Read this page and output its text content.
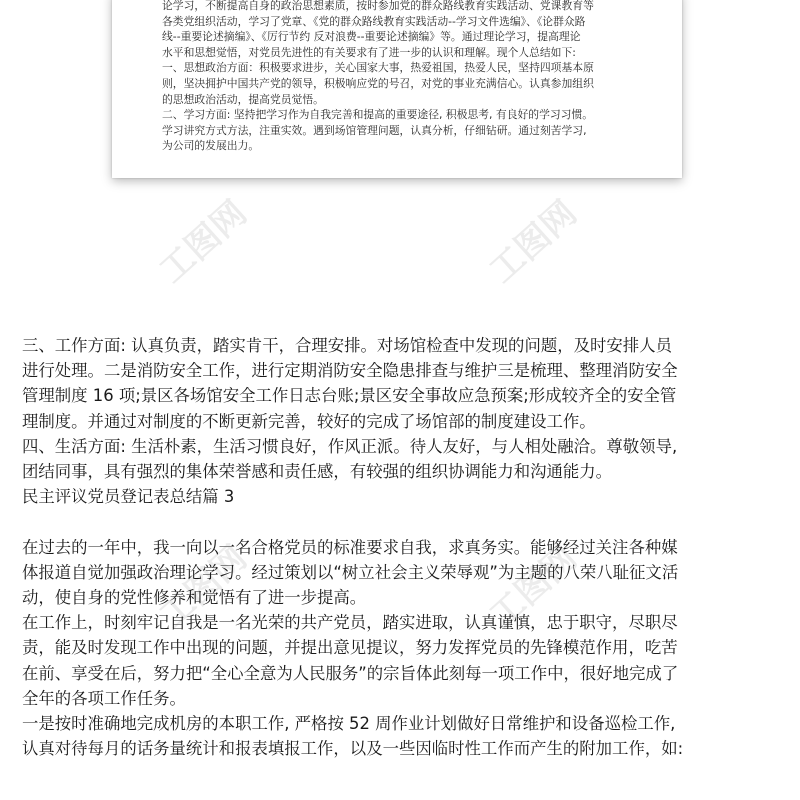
论学习，不断提高自身的政治思想素质，按时参加党的群众路线教育实践活动、党课教育等
各类党组织活动，学习了党章、《党的群众路线教育实践活动--学习文件选编》、《论群众路
线--重要论述摘编》、《厉行节约 反对浪费--重要论述摘编》等。通过理论学习，提高理论
水平和思想觉悟，对党员先进性的有关要求有了进一步的认识和理解。现个人总结如下:
一、思想政治方面：积极要求进步，关心国家大事，热爱祖国，热爱人民，坚持四项基本原
则，坚决拥护中国共产党的领导，积极响应党的号召，对党的事业充满信心。认真参加组织
的思想政治活动，提高党员觉悟。
二、学习方面: 坚持把学习作为自我完善和提高的重要途径, 积极思考, 有良好的学习习惯。
学习讲究方式方法，注重实效。遇到场馆管理问题，认真分析，仔细钻研。通过刻苦学习,
为公司的发展出力。
工图网	工图网
工图网	工图网
三、工作方面: 认真负责，踏实肯干，合理安排。对场馆检查中发现的问题，及时安排人员
进行处理。二是消防安全工作，进行定期消防安全隐患排查与维护三是梳理、整理消防安全
管理制度 16 项;景区各场馆安全工作日志台账;景区安全事故应急预案;形成较齐全的安全管
理制度。并通过对制度的不断更新完善，较好的完成了场馆部的制度建设工作。
四、生活方面: 生活朴素，生活习惯良好，作风正派。待人友好，与人相处融洽。尊敬领导,
团结同事，具有强烈的集体荣誉感和责任感，有较强的组织协调能力和沟通能力。
民主评议党员登记表总结篇 3
在过去的一年中，我一向以一名合格党员的标准要求自我，求真务实。能够经过关注各种媒
体报道自觉加强政治理论学习。经过策划以“树立社会主义荣辱观”为主题的八荣八耻征文活
动，使自身的党性修养和觉悟有了进一步提高。
在工作上，时刻牢记自我是一名光荣的共产党员，踏实进取，认真谨慎，忠于职守，尽职尽
责，能及时发现工作中出现的问题，并提出意见提议，努力发挥党员的先锋模范作用，吃苦
在前、享受在后，努力把“全心全意为人民服务”的宗旨体此刻每一项工作中，很好地完成了
全年的各项工作任务。
一是按时准确地完成机房的本职工作, 严格按 52 周作业计划做好日常维护和设备巡检工作,
认真对待每月的话务量统计和报表填报工作，以及一些因临时性工作而产生的附加工作，如:
